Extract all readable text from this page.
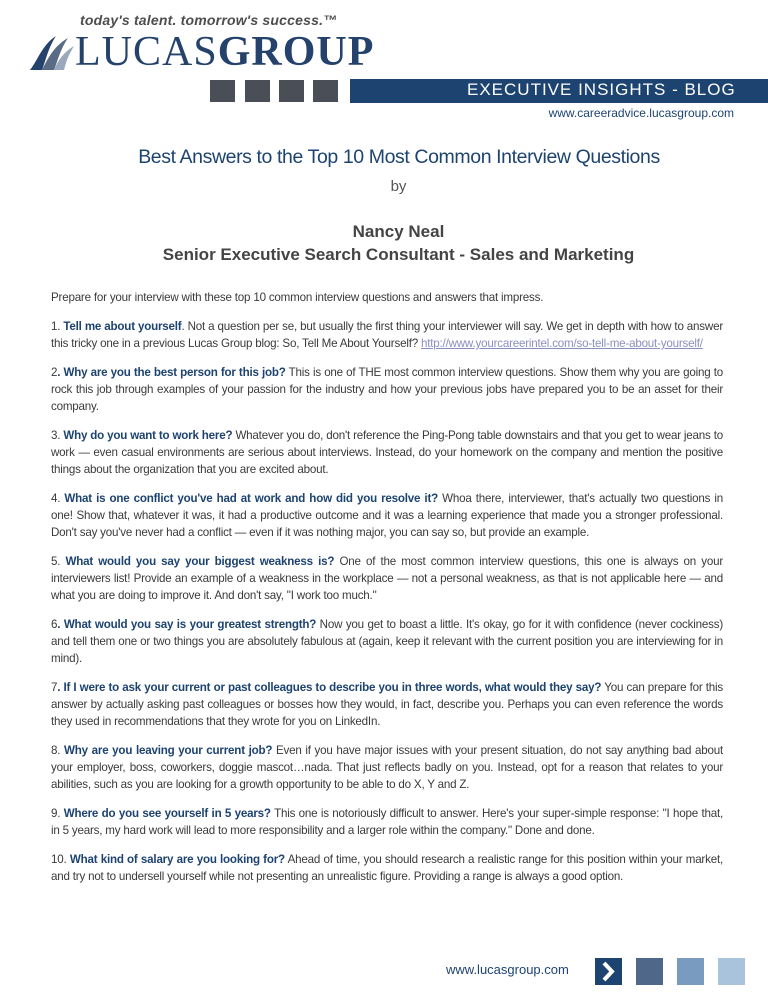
today's talent. tomorrow's success.™
LUCASGROUP
EXECUTIVE INSIGHTS - BLOG
www.careeradvice.lucasgroup.com
Best Answers to the Top 10 Most Common Interview Questions
by
Nancy Neal
Senior Executive Search Consultant - Sales and Marketing

Prepare for your interview with these top 10 common interview questions and answers that impress.

1. Tell me about yourself. Not a question per se, but usually the first thing your interviewer will say. We get in depth with how to answer this tricky one in a previous Lucas Group blog: So, Tell Me About Yourself? http://www.yourcareerintel.com/so-tell-me-about-yourself/

2. Why are you the best person for this job? This is one of THE most common interview questions. Show them why you are going to rock this job through examples of your passion for the industry and how your previous jobs have prepared you to be an asset for their company.

3. Why do you want to work here? Whatever you do, don't reference the Ping-Pong table downstairs and that you get to wear jeans to work — even casual environments are serious about interviews. Instead, do your homework on the company and mention the positive things about the organization that you are excited about.

4. What is one conflict you've had at work and how did you resolve it? Whoa there, interviewer, that's actually two questions in one! Show that, whatever it was, it had a productive outcome and it was a learning experience that made you a stronger professional. Don't say you've never had a conflict — even if it was nothing major, you can say so, but provide an example.

5. What would you say your biggest weakness is? One of the most common interview questions, this one is always on your interviewers list! Provide an example of a weakness in the workplace — not a personal weakness, as that is not applicable here — and what you are doing to improve it. And don't say, "I work too much."

6. What would you say is your greatest strength? Now you get to boast a little. It's okay, go for it with confidence (never cockiness) and tell them one or two things you are absolutely fabulous at (again, keep it relevant with the current position you are interviewing for in mind).

7. If I were to ask your current or past colleagues to describe you in three words, what would they say? You can prepare for this answer by actually asking past colleagues or bosses how they would, in fact, describe you. Perhaps you can even reference the words they used in recommendations that they wrote for you on LinkedIn.

8. Why are you leaving your current job? Even if you have major issues with your present situation, do not say anything bad about your employer, boss, coworkers, doggie mascot…nada. That just reflects badly on you. Instead, opt for a reason that relates to your abilities, such as you are looking for a growth opportunity to be able to do X, Y and Z.

9. Where do you see yourself in 5 years? This one is notoriously difficult to answer. Here's your super-simple response: "I hope that, in 5 years, my hard work will lead to more responsibility and a larger role within the company." Done and done.

10. What kind of salary are you looking for? Ahead of time, you should research a realistic range for this position within your market, and try not to undersell yourself while not presenting an unrealistic figure. Providing a range is always a good option.

www.lucasgroup.com
